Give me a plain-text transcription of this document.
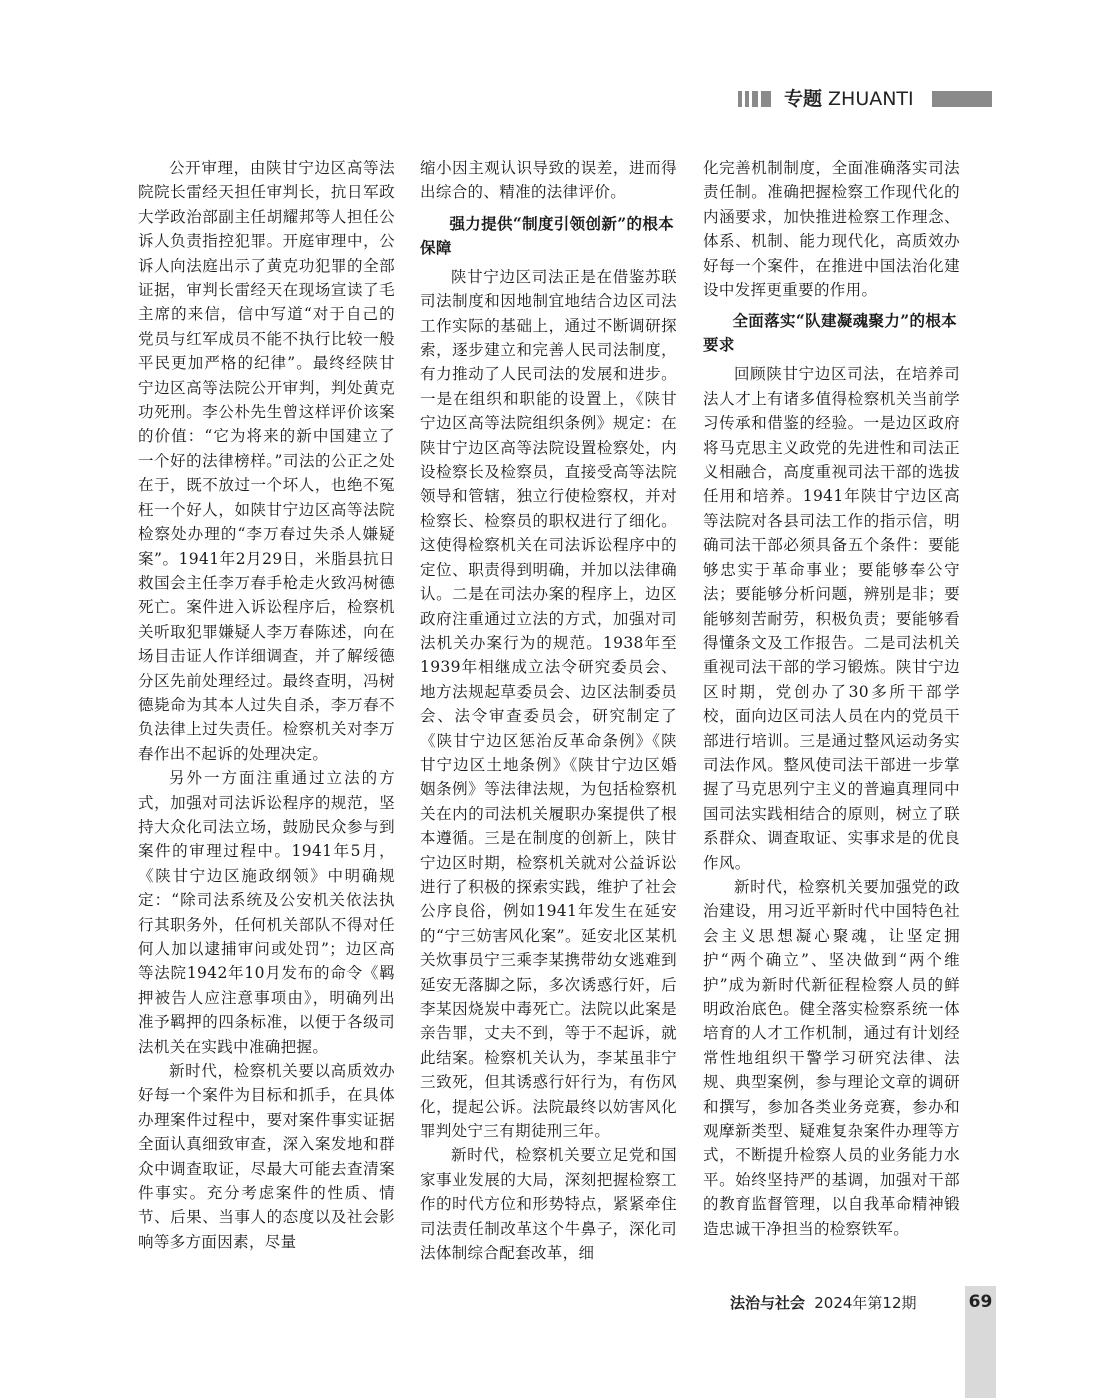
专题 ZHUANTI

公开审理，由陕甘宁边区高等法院院长雷经天担任审判长，抗日军政大学政治部副主任胡耀邦等人担任公诉人负责指控犯罪。开庭审理中，公诉人向法庭出示了黄克功犯罪的全部证据，审判长雷经天在现场宣读了毛主席的来信，信中写道“对于自己的党员与红军成员不能不执行比较一般平民更加严格的纪律”。最终经陕甘宁边区高等法院公开审判，判处黄克功死刑。李公朴先生曾这样评价该案的价值：“它为将来的新中国建立了一个好的法律榜样。”司法的公正之处在于，既不放过一个坏人，也绝不冤枉一个好人，如陕甘宁边区高等法院检察处办理的“李万春过失杀人嫌疑案”。1941年2月29日，米脂县抗日救国会主任李万春手枪走火致冯树德死亡。案件进入诉讼程序后，检察机关听取犯罪嫌疑人李万春陈述，向在场目击证人作详细调查，并了解绥德分区先前处理经过。最终查明，冯树德毙命为其本人过失自杀，李万春不负法律上过失责任。检察机关对李万春作出不起诉的处理决定。

另外一方面注重通过立法的方式，加强对司法诉讼程序的规范，坚持大众化司法立场，鼓励民众参与到案件的审理过程中。1941年5月，《陕甘宁边区施政纲领》中明确规定：“除司法系统及公安机关依法执行其职务外，任何机关部队不得对任何人加以逮捕审问或处罚”；边区高等法院1942年10月发布的命令《羁押被告人应注意事项由》，明确列出准予羁押的四条标准，以便于各级司法机关在实践中准确把握。

新时代，检察机关要以高质效办好每一个案件为目标和抓手，在具体办理案件过程中，要对案件事实证据全面认真细致审查，深入案发地和群众中调查取证，尽最大可能去查清案件事实。充分考虑案件的性质、情节、后果、当事人的态度以及社会影响等多方面因素，尽量

缩小因主观认识导致的误差，进而得出综合的、精准的法律评价。

强力提供“制度引领创新”的根本保障

陕甘宁边区司法正是在借鉴苏联司法制度和因地制宜地结合边区司法工作实际的基础上，通过不断调研探索，逐步建立和完善人民司法制度，有力推动了人民司法的发展和进步。一是在组织和职能的设置上，《陕甘宁边区高等法院组织条例》规定：在陕甘宁边区高等法院设置检察处，内设检察长及检察员，直接受高等法院领导和管辖，独立行使检察权，并对检察长、检察员的职权进行了细化。这使得检察机关在司法诉讼程序中的定位、职责得到明确，并加以法律确认。二是在司法办案的程序上，边区政府注重通过立法的方式，加强对司法机关办案行为的规范。1938年至1939年相继成立法令研究委员会、地方法规起草委员会、边区法制委员会、法令审查委员会，研究制定了《陕甘宁边区惩治反革命条例》《陕甘宁边区土地条例》《陕甘宁边区婚姻条例》等法律法规，为包括检察机关在内的司法机关履职办案提供了根本遵循。三是在制度的创新上，陕甘宁边区时期，检察机关就对公益诉讼进行了积极的探索实践，维护了社会公序良俗，例如1941年发生在延安的“宁三妨害风化案”。延安北区某机关炊事员宁三乘李某携带幼女逃难到延安无落脚之际，多次诱惑行奸，后李某因烧炭中毒死亡。法院以此案是亲告罪，丈夫不到，等于不起诉，就此结案。检察机关认为，李某虽非宁三致死，但其诱惑行奸行为，有伤风化，提起公诉。法院最终以妨害风化罪判处宁三有期徒刑三年。

新时代，检察机关要立足党和国家事业发展的大局，深刻把握检察工作的时代方位和形势特点，紧紧牵住司法责任制改革这个牛鼻子，深化司法体制综合配套改革，细

化完善机制制度，全面准确落实司法责任制。准确把握检察工作现代化的内涵要求，加快推进检察工作理念、体系、机制、能力现代化，高质效办好每一个案件，在推进中国法治化建设中发挥更重要的作用。

全面落实“队建凝魂聚力”的根本要求

回顾陕甘宁边区司法，在培养司法人才上有诸多值得检察机关当前学习传承和借鉴的经验。一是边区政府将马克思主义政党的先进性和司法正义相融合，高度重视司法干部的选拔任用和培养。1941年陕甘宁边区高等法院对各县司法工作的指示信，明确司法干部必须具备五个条件：要能够忠实于革命事业；要能够奉公守法；要能够分析问题，辨别是非；要能够刻苦耐劳，积极负责；要能够看得懂条文及工作报告。二是司法机关重视司法干部的学习锻炼。陕甘宁边区时期，党创办了30多所干部学校，面向边区司法人员在内的党员干部进行培训。三是通过整风运动务实司法作风。整风使司法干部进一步掌握了马克思列宁主义的普遍真理同中国司法实践相结合的原则，树立了联系群众、调查取证、实事求是的优良作风。

新时代，检察机关要加强党的政治建设，用习近平新时代中国特色社会主义思想凝心聚魂，让坚定拥护“两个确立”、坚决做到“两个维护”成为新时代新征程检察人员的鲜明政治底色。健全落实检察系统一体培育的人才工作机制，通过有计划经常性地组织干警学习研究法律、法规、典型案例，参与理论文章的调研和撰写，参加各类业务竞赛，参办和观摩新类型、疑难复杂案件办理等方式，不断提升检察人员的业务能力水平。始终坚持严的基调，加强对干部的教育监督管理，以自我革命精神锻造忠诚干净担当的检察铁军。

法治与社会 2024年第12期	69
